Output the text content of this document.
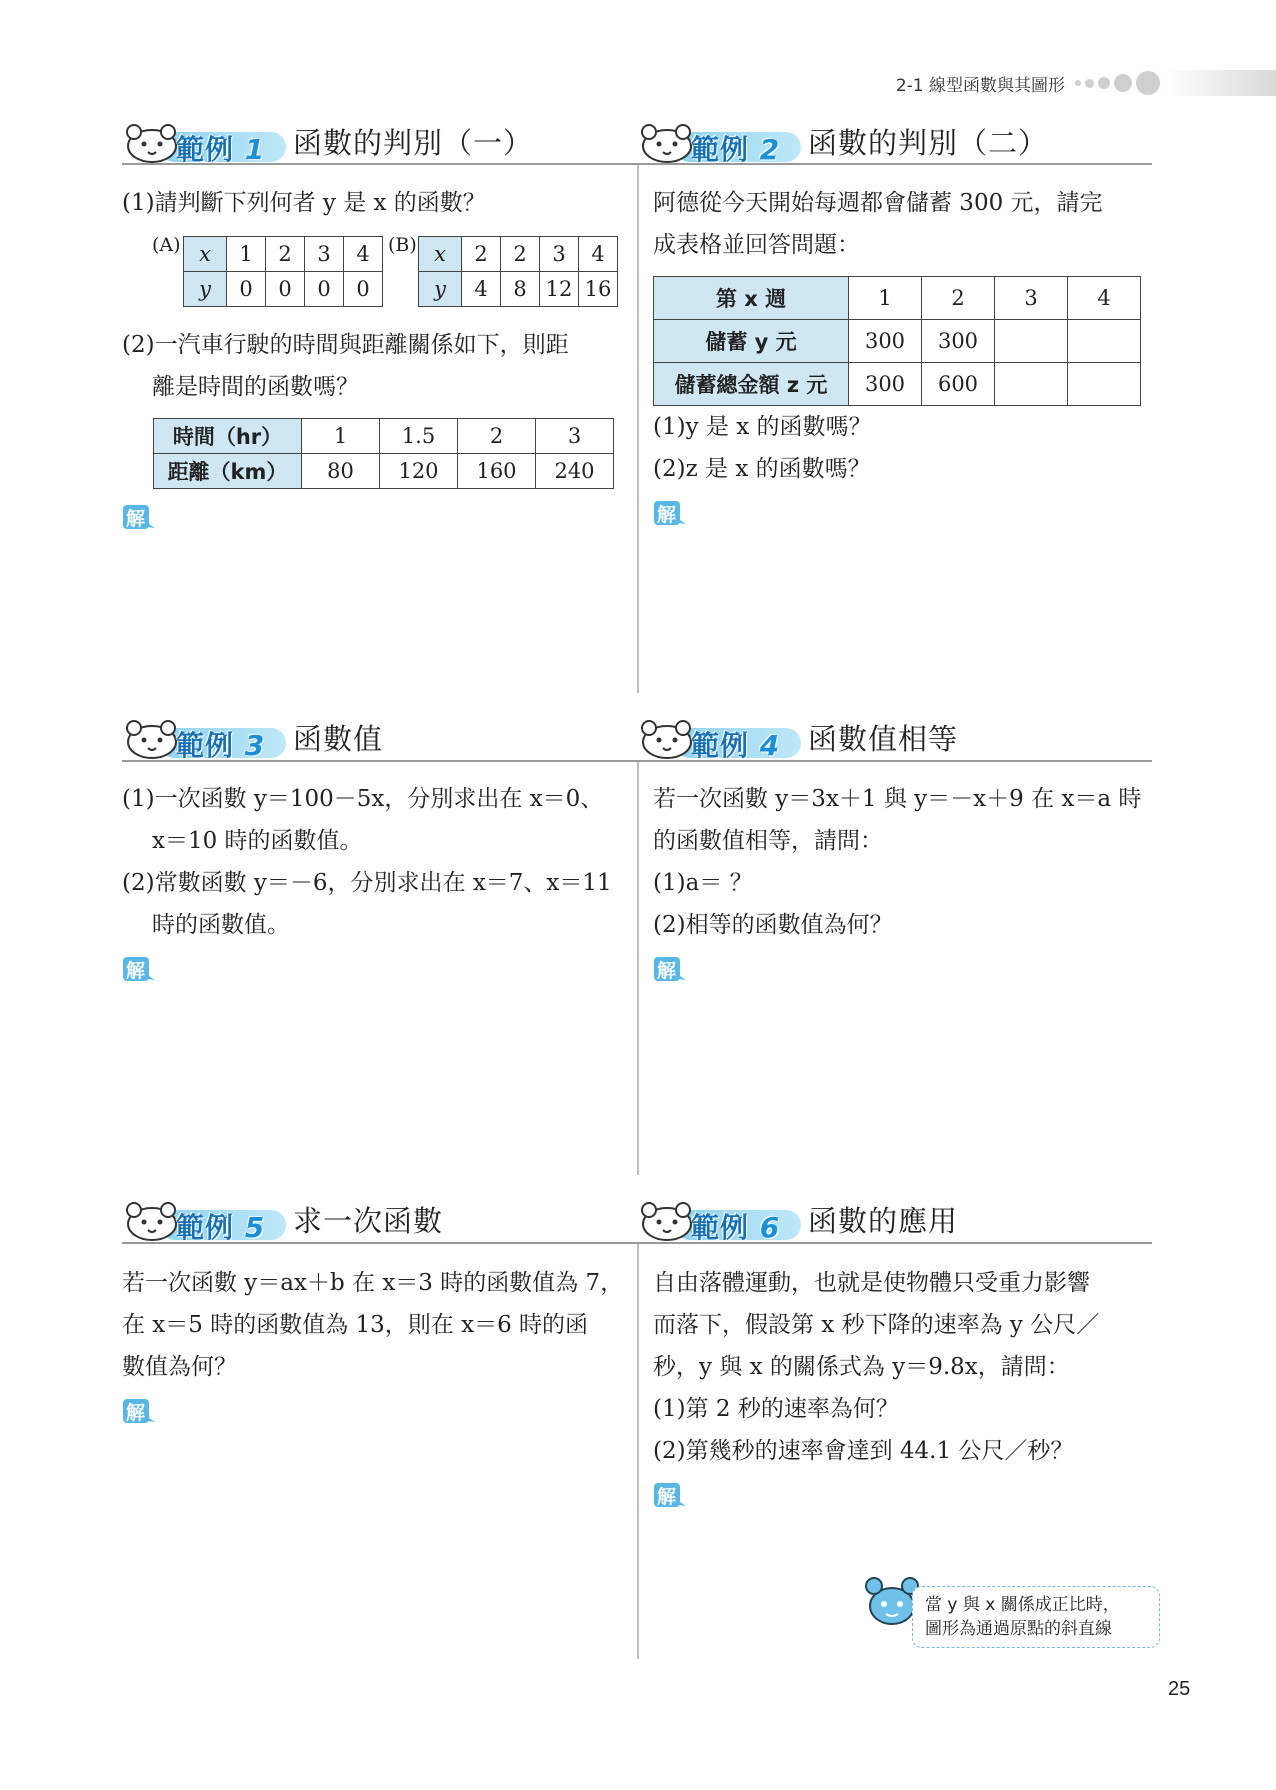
2-1 線型函數與其圖形
範例 1 函數的判別（一）
(1)請判斷下列何者 y 是 x 的函數？
(A) x	1	2	3	4
y	0	0	0	0
(B) x	2	2	3	4
y	4	8	12	16
(2)一汽車行駛的時間與距離關係如下，則距
離是時間的函數嗎？
時間（hr）	1	1.5	2	3
距離（km）	80	120	160	240
解
範例 2 函數的判別（二）
阿德從今天開始每週都會儲蓄 300 元，請完
成表格並回答問題：
第 x 週	1	2	3	4
儲蓄 y 元	300	300		
儲蓄總金額 z 元	300	600		
(1)y 是 x 的函數嗎？
(2)z 是 x 的函數嗎？
解
範例 3 函數值
(1)一次函數 y＝100－5x，分別求出在 x＝0、
x＝10 時的函數值。
(2)常數函數 y＝－6，分別求出在 x＝7、x＝11
時的函數值。
解
範例 4 函數值相等
若一次函數 y＝3x＋1 與 y＝－x＋9 在 x＝a 時
的函數值相等，請問：
(1)a＝ ？
(2)相等的函數值為何？
解
範例 5 求一次函數
若一次函數 y＝ax＋b 在 x＝3 時的函數值為 7，
在 x＝5 時的函數值為 13，則在 x＝6 時的函
數值為何？
解
範例 6 函數的應用
自由落體運動，也就是使物體只受重力影響
而落下，假設第 x 秒下降的速率為 y 公尺／
秒，y 與 x 的關係式為 y＝9.8x，請問：
(1)第 2 秒的速率為何？
(2)第幾秒的速率會達到 44.1 公尺／秒？
解
當 y 與 x 關係成正比時，
圖形為通過原點的斜直線
25
